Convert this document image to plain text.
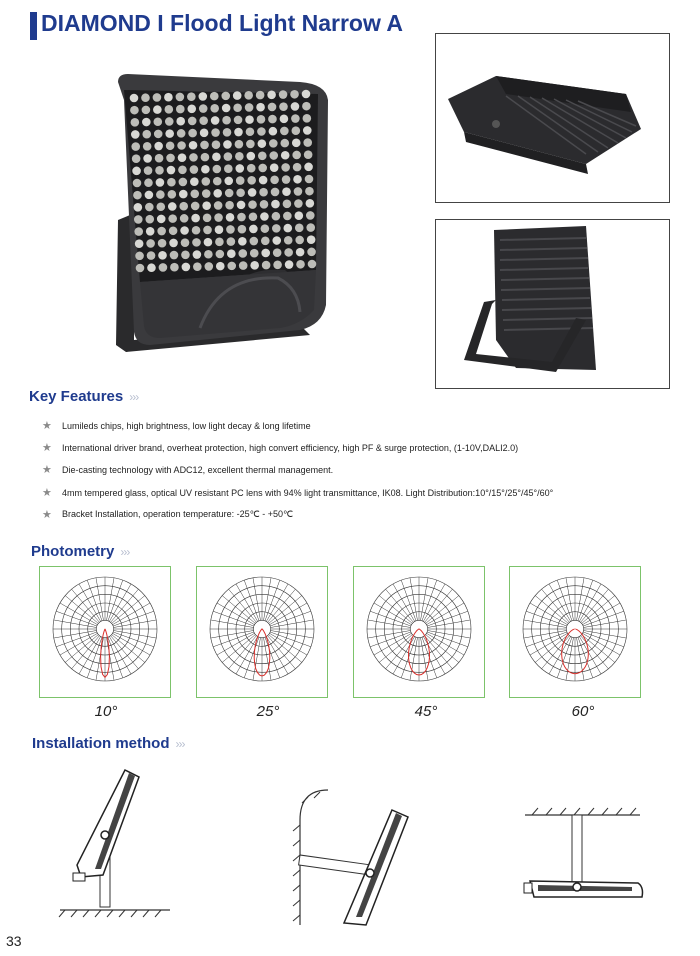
DIAMOND I Flood Light Narrow A
Key Features ›››
★	Lumileds chips, high brightness, low light decay & long lifetime
★	International driver brand, overheat protection, high convert efficiency, high PF & surge protection, (1-10V,DALI2.0)
★	Die-casting technology with ADC12, excellent thermal management.
★	4mm tempered glass, optical UV resistant PC lens with 94% light transmittance, IK08. Light Distribution:10°/15°/25°/45°/60°
★	Bracket Installation, operation temperature: -25℃ - +50℃
Photometry ›››
10°	25°	45°	60°
Installation method ›››
33
